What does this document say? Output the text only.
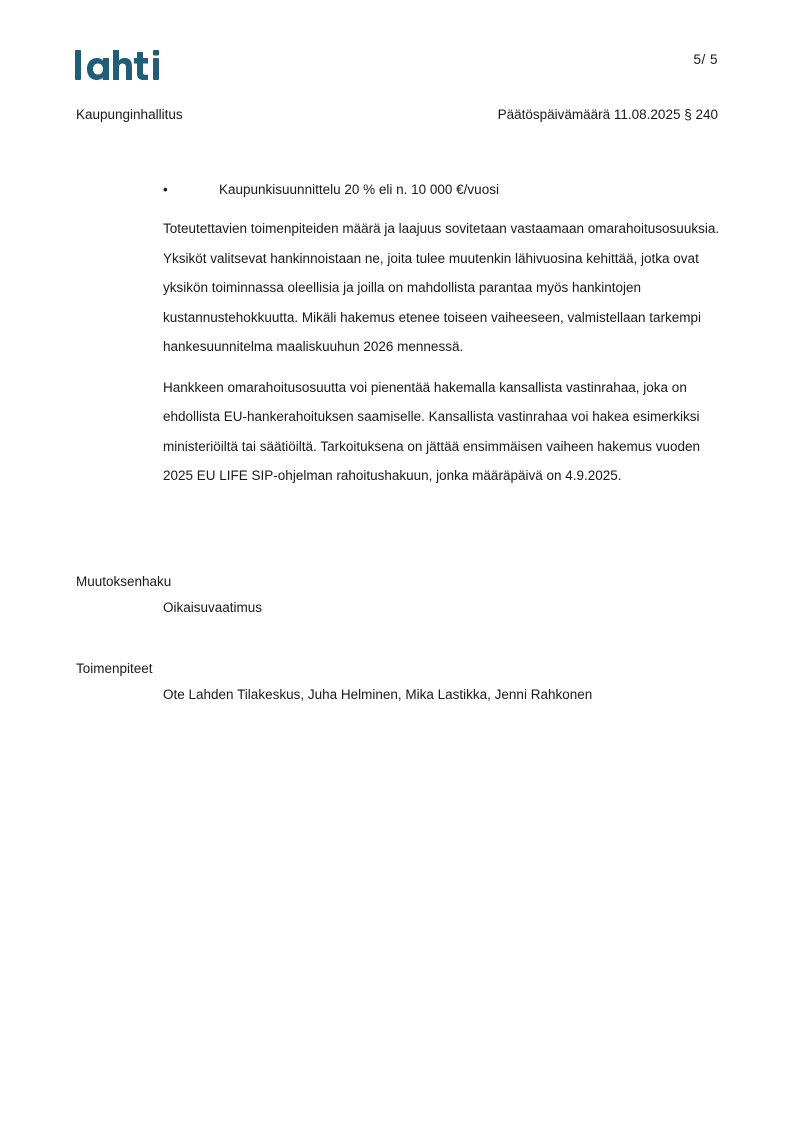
5/ 5
Kaupunginhallitus	Päätöspäivämäärä 11.08.2025 § 240
•	Kaupunkisuunnittelu 20 % eli n. 10 000 €/vuosi

Toteutettavien toimenpiteiden määrä ja laajuus sovitetaan vastaamaan omarahoitusosuuksia. Yksiköt valitsevat hankinnoistaan ne, joita tulee muutenkin lähivuosina kehittää, jotka ovat yksikön toiminnassa oleellisia ja joilla on mahdollista parantaa myös hankintojen kustannustehokkuutta. Mikäli hakemus etenee toiseen vaiheeseen, valmistellaan tarkempi hankesuunnitelma maaliskuuhun 2026 mennessä.

Hankkeen omarahoitusosuutta voi pienentää hakemalla kansallista vastinrahaa, joka on ehdollista EU-hankerahoituksen saamiselle. Kansallista vastinrahaa voi hakea esimerkiksi ministeriöiltä tai säätiöiltä. Tarkoituksena on jättää ensimmäisen vaiheen hakemus vuoden 2025 EU LIFE SIP-ohjelman rahoitushakuun, jonka määräpäivä on 4.9.2025.

Muutoksenhaku
Oikaisuvaatimus
Toimenpiteet
Ote Lahden Tilakeskus, Juha Helminen, Mika Lastikka, Jenni Rahkonen
